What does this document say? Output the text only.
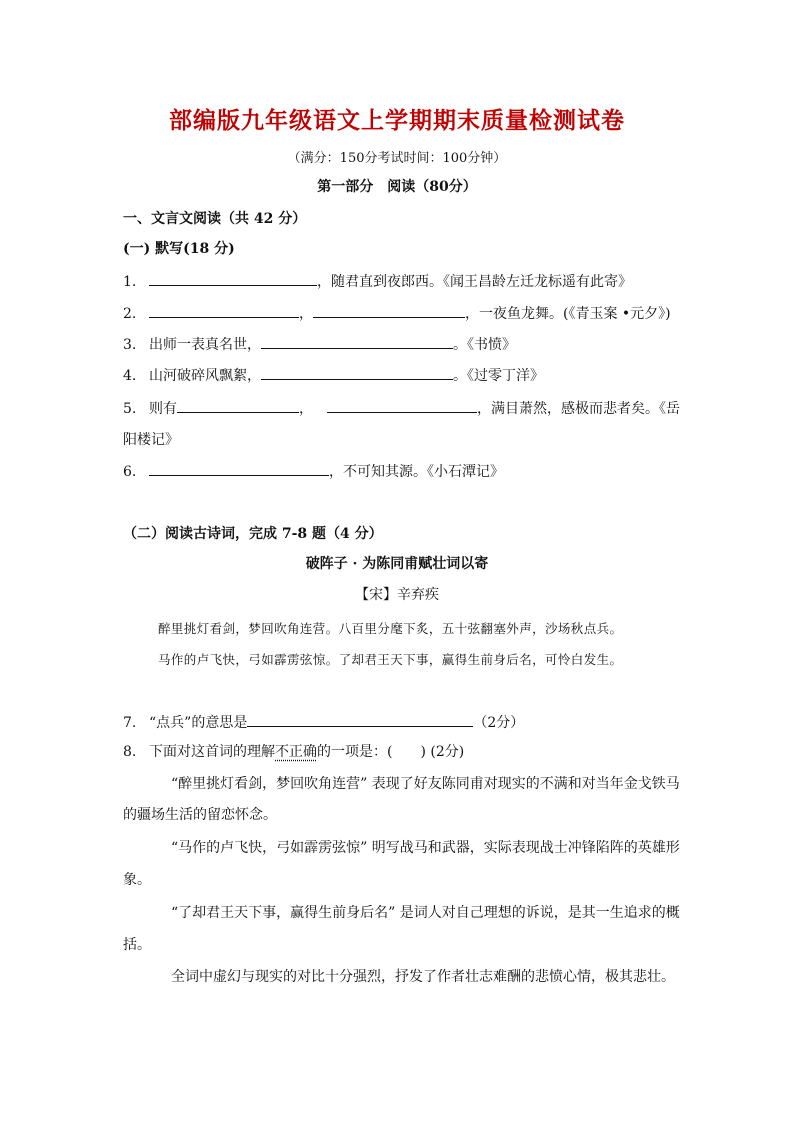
部编版九年级语文上学期期末质量检测试卷
（满分：150分考试时间：100分钟）
第一部分　阅读（80分）
一、文言文阅读（共 42 分）
(一) 默写(18 分)
1.	，随君直到夜郎西。《闻王昌龄左迁龙标遥有此寄》
2.	，	，一夜鱼龙舞。(《青玉案 •元夕》)
3. 出师一表真名世，	。《书愤》
4. 山河破碎风飘絮，	。《过零丁洋》
5. 则有	，	，满目萧然，感极而悲者矣。《岳
阳楼记》
6.	，不可知其源。《小石潭记》
（二）阅读古诗词，完成 7-8 题（4 分）
破阵子 · 为陈同甫赋壮词以寄
【宋】辛弃疾
醉里挑灯看剑，梦回吹角连营。八百里分麾下炙，五十弦翻塞外声，沙场秋点兵。
马作的卢飞快，弓如霹雳弦惊。了却君王天下事，赢得生前身后名，可怜白发生。
7. “点兵”的意思是	（2分）
8. 下面对这首词的理解不正确的一项是：(　　) (2分)
“醉里挑灯看剑，梦回吹角连营” 表现了好友陈同甫对现实的不满和对当年金戈铁马
的疆场生活的留恋怀念。
“马作的卢飞快，弓如霹雳弦惊” 明写战马和武器，实际表现战士冲锋陷阵的英雄形
象。
“了却君王天下事，赢得生前身后名” 是词人对自己理想的诉说，是其一生追求的概
括。
全词中虚幻与现实的对比十分强烈，抒发了作者壮志难酬的悲愤心情，极其悲壮。
